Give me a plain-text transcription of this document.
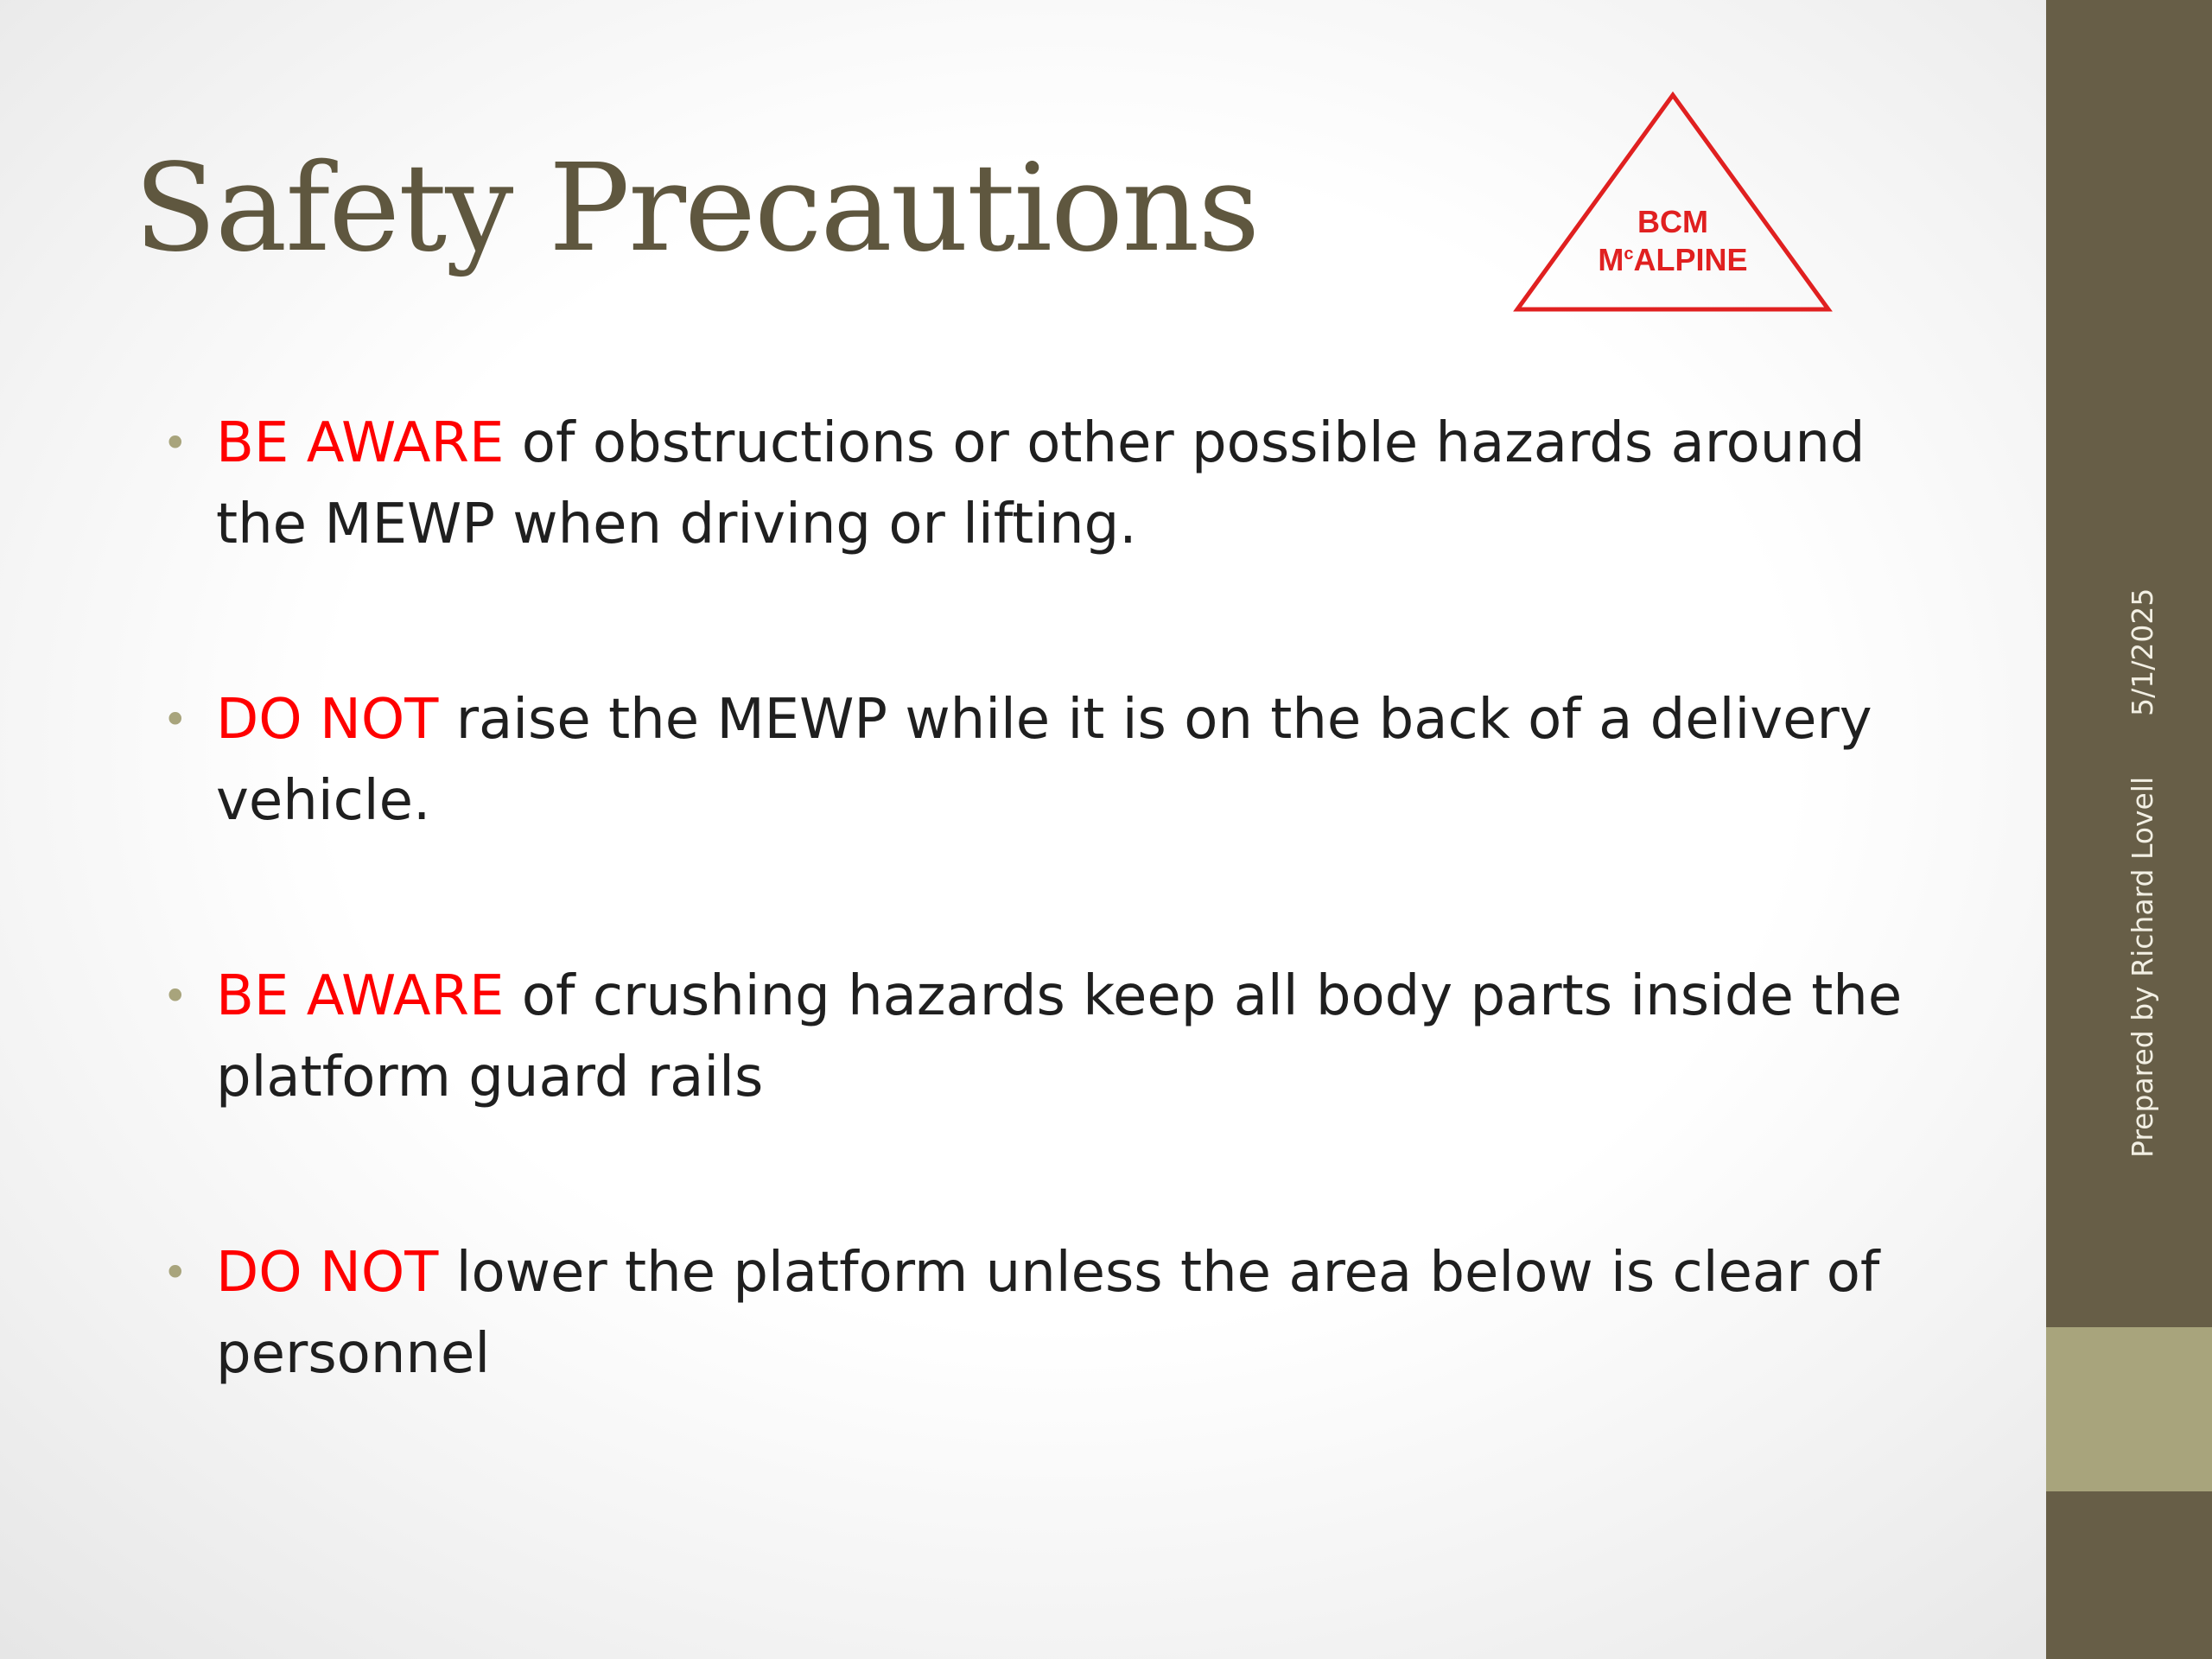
Prepared by Richard Lovell
5/1/2025
Safety Precautions	BCM
$M^cALPINE$
• BE AWARE of obstructions or other possible hazards around the MEWP when driving or lifting.
• DO NOT raise the MEWP while it is on the back of a delivery vehicle.
• BE AWARE of crushing hazards keep all body parts inside the platform guard rails
• DO NOT lower the platform unless the area below is clear of personnel
